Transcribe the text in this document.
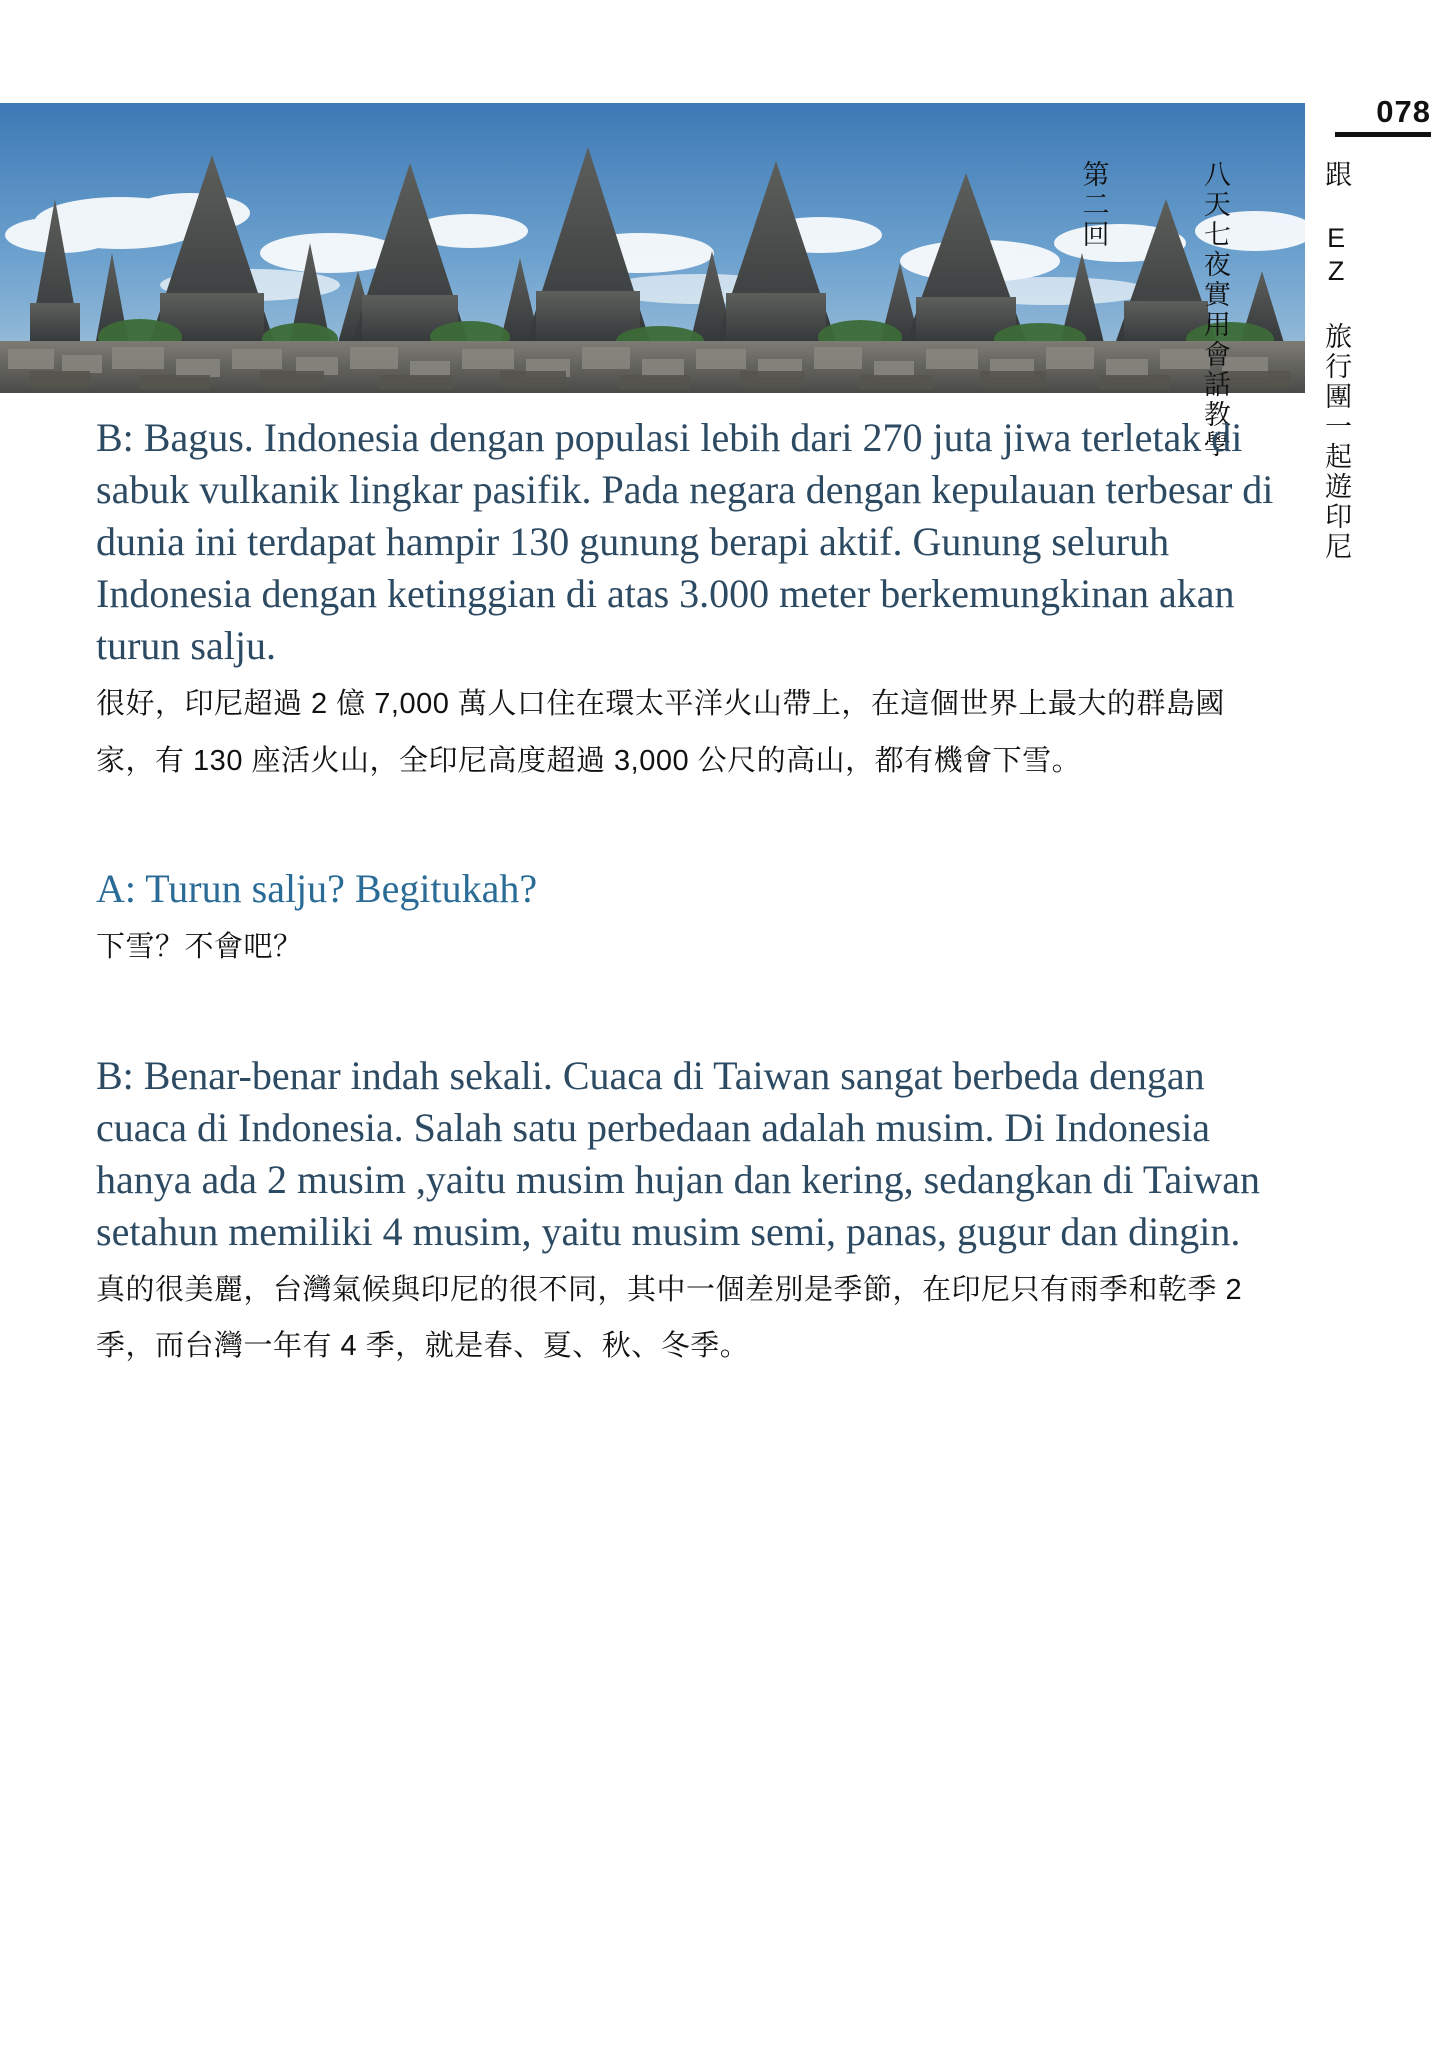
078

跟 EZ 旅行團一起遊印尼

八天七夜實用會話教學

第二回

B: Bagus. Indonesia dengan populasi lebih dari 270 juta jiwa terletak di sabuk vulkanik lingkar pasifik. Pada negara dengan kepulauan terbesar di dunia ini terdapat hampir 130 gunung berapi aktif. Gunung seluruh Indonesia dengan ketinggian di atas 3.000 meter berkemungkinan akan turun salju.

很好，印尼超過 2 億 7,000 萬人口住在環太平洋火山帶上，在這個世界上最大的群島國家，有 130 座活火山，全印尼高度超過 3,000 公尺的高山，都有機會下雪。

A: Turun salju? Begitukah?

下雪？不會吧？

B: Benar-benar indah sekali. Cuaca di Taiwan sangat berbeda dengan cuaca di Indonesia. Salah satu perbedaan adalah musim. Di Indonesia hanya ada 2 musim ,yaitu musim hujan dan kering, sedangkan di Taiwan setahun memiliki 4 musim, yaitu musim semi, panas, gugur dan dingin.

真的很美麗，台灣氣候與印尼的很不同，其中一個差別是季節，在印尼只有雨季和乾季 2 季，而台灣一年有 4 季，就是春、夏、秋、冬季。
